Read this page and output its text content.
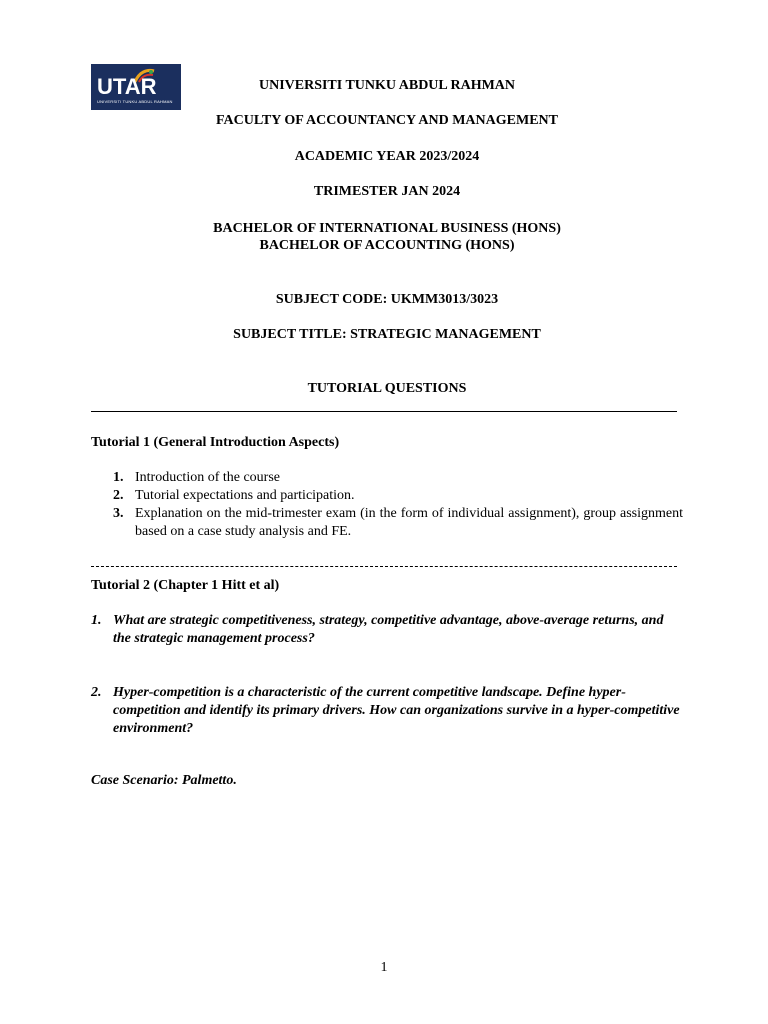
UTAR
UNIVERSITI TUNKU ABDUL RAHMAN
UNIVERSITI TUNKU ABDUL RAHMAN
FACULTY OF ACCOUNTANCY AND MANAGEMENT
ACADEMIC YEAR 2023/2024
TRIMESTER JAN 2024
BACHELOR OF INTERNATIONAL BUSINESS (HONS)
BACHELOR OF ACCOUNTING (HONS)
SUBJECT CODE: UKMM3013/3023
SUBJECT TITLE: STRATEGIC MANAGEMENT
TUTORIAL QUESTIONS
Tutorial 1 (General Introduction Aspects)
1. Introduction of the course
2. Tutorial expectations and participation.
3. Explanation on the mid-trimester exam (in the form of individual assignment), group assignment based on a case study analysis and FE.
Tutorial 2 (Chapter 1 Hitt et al)
1. What are strategic competitiveness, strategy, competitive advantage, above-average returns, and the strategic management process?
2. Hyper-competition is a characteristic of the current competitive landscape. Define hyper-competition and identify its primary drivers. How can organizations survive in a hyper-competitive environment?
Case Scenario: Palmetto.
1
